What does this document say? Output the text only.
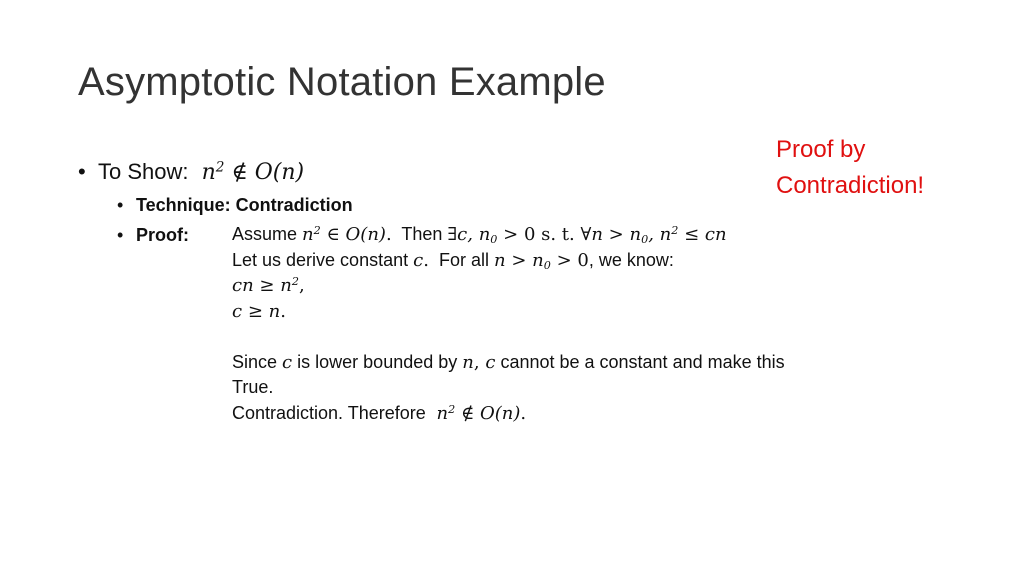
Asymptotic Notation Example
Proof by
Contradiction!
• To Show:  $n^2$ ∉ O(n)
• Technique: Contradiction
• Proof: Assume $n^2$ ∈ O(n). Then ∃c, $n_0 > 0$ s. t. ∀n > $n_0$, $n^2$ ≤ cn
Let us derive constant c. For all $n > n_0 > 0$, we know:
cn ≥ $n^2$,
c ≥ n.
Since c is lower bounded by n, c cannot be a constant and make this
True.
Contradiction. Therefore  $n^2$ ∉ O(n).
